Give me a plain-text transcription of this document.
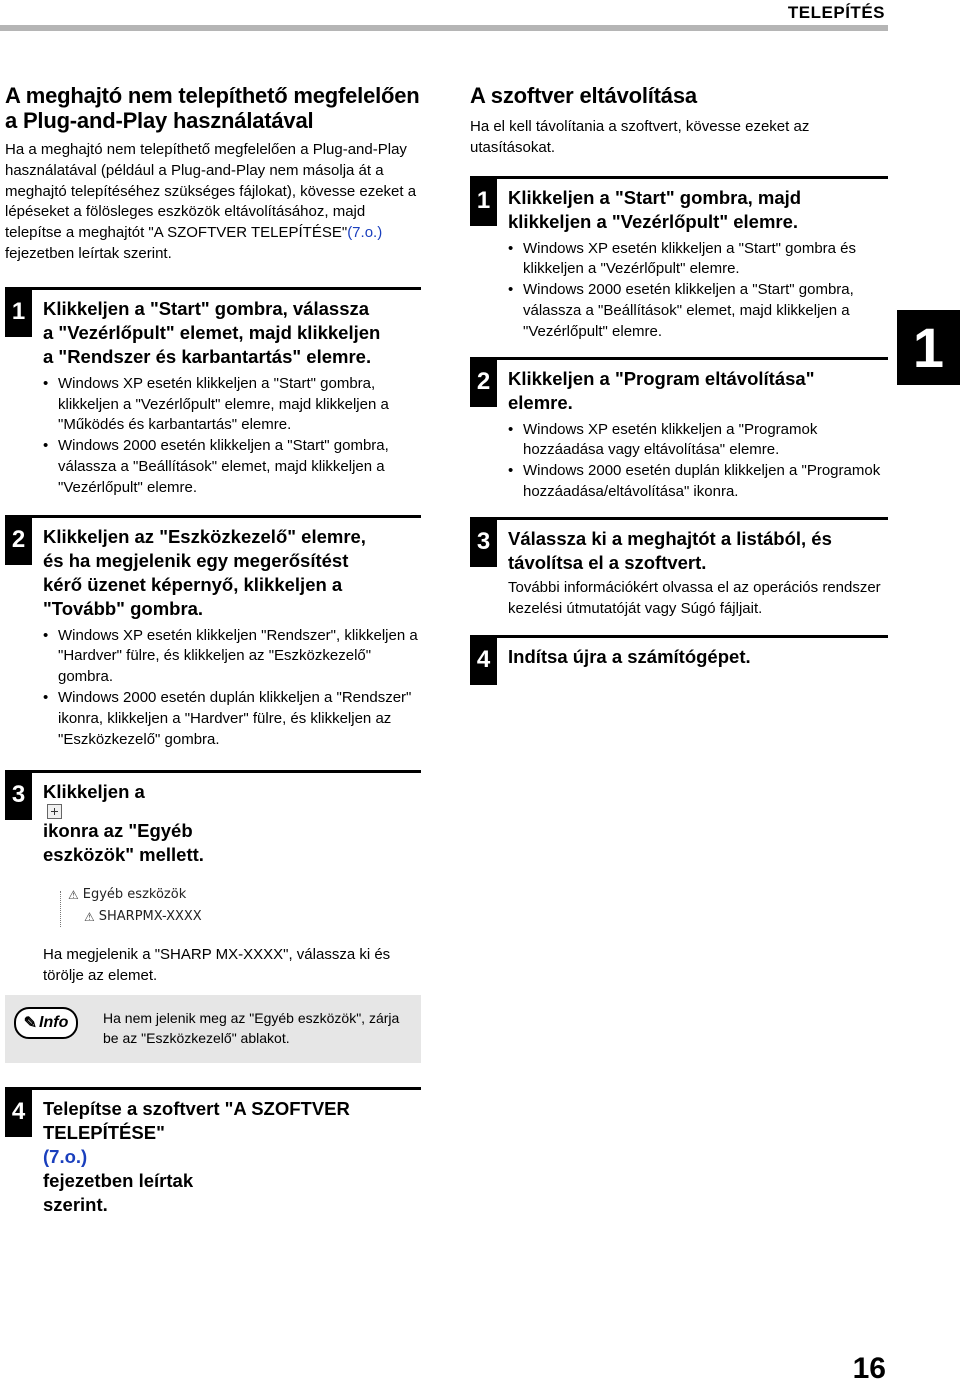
TELEPÍTÉS
A meghajtó nem telepíthető megfelelően
a Plug-and-Play használatával

Ha a meghajtó nem telepíthető megfelelően a Plug-and-Play használatával (például a Plug-and-Play nem másolja át a meghajtó telepítéséhez szükséges fájlokat), kövesse ezeket a lépéseket a fölösleges eszközök eltávolításához, majd telepítse a meghajtót "A SZOFTVER TELEPÍTÉSE"(7.o.) fejezetben leírtak szerint.

1 Klikkeljen a "Start" gombra, válassza
a "Vezérlőpult" elemet, majd klikkeljen
a "Rendszer és karbantartás" elemre.
• Windows XP esetén klikkeljen a "Start" gombra, klikkeljen a "Vezérlőpult" elemre, majd klikkeljen a "Működés és karbantartás" elemre.
• Windows 2000 esetén klikkeljen a "Start" gombra, válassza a "Beállítások" elemet, majd klikkeljen a "Vezérlőpult" elemre.
2 Klikkeljen az "Eszközkezelő" elemre,
és ha megjelenik egy megerősítést
kérő üzenet képernyő, klikkeljen a
"Tovább" gombra.
• Windows XP esetén klikkeljen "Rendszer", klikkeljen a "Hardver" fülre, és klikkeljen az "Eszközkezelő" gombra.
• Windows 2000 esetén duplán klikkeljen a "Rendszer" ikonra, klikkeljen a "Hardver" fülre, és klikkeljen az "Eszközkezelő" gombra.
3 Klikkeljen a
ikonra az "Egyéb
eszközök" mellett.
⚠ Egyéb eszközök
⚠ SHARPMX-XXXX
Ha megjelenik a "SHARP MX-XXXX", válassza ki és törölje az elemet.
✎ Info Ha nem jelenik meg az "Egyéb eszközök", zárja be az "Eszközkezelő" ablakot.
4 Telepítse a szoftvert "A SZOFTVER
TELEPÍTÉSE"
(7.o.)
fejezetben leírtak
szerint.
A szoftver eltávolítása

Ha el kell távolítania a szoftvert, kövesse ezeket az utasításokat.

1 Klikkeljen a "Start" gombra, majd
klikkeljen a "Vezérlőpult" elemre.
• Windows XP esetén klikkeljen a "Start" gombra és klikkeljen a "Vezérlőpult" elemre.
• Windows 2000 esetén klikkeljen a "Start" gombra, válassza a "Beállítások" elemet, majd klikkeljen a "Vezérlőpult" elemre.
2 Klikkeljen a "Program eltávolítása"
elemre.
• Windows XP esetén klikkeljen a "Programok hozzáadása vagy eltávolítása" elemre.
• Windows 2000 esetén duplán klikkeljen a "Programok hozzáadása/eltávolítása" ikonra.
3 Válassza ki a meghajtót a listából, és
távolítsa el a szoftvert.
További információkért olvassa el az operációs rendszer kezelési útmutatóját vagy Súgó fájljait.
4 Indítsa újra a számítógépet.
1
16
